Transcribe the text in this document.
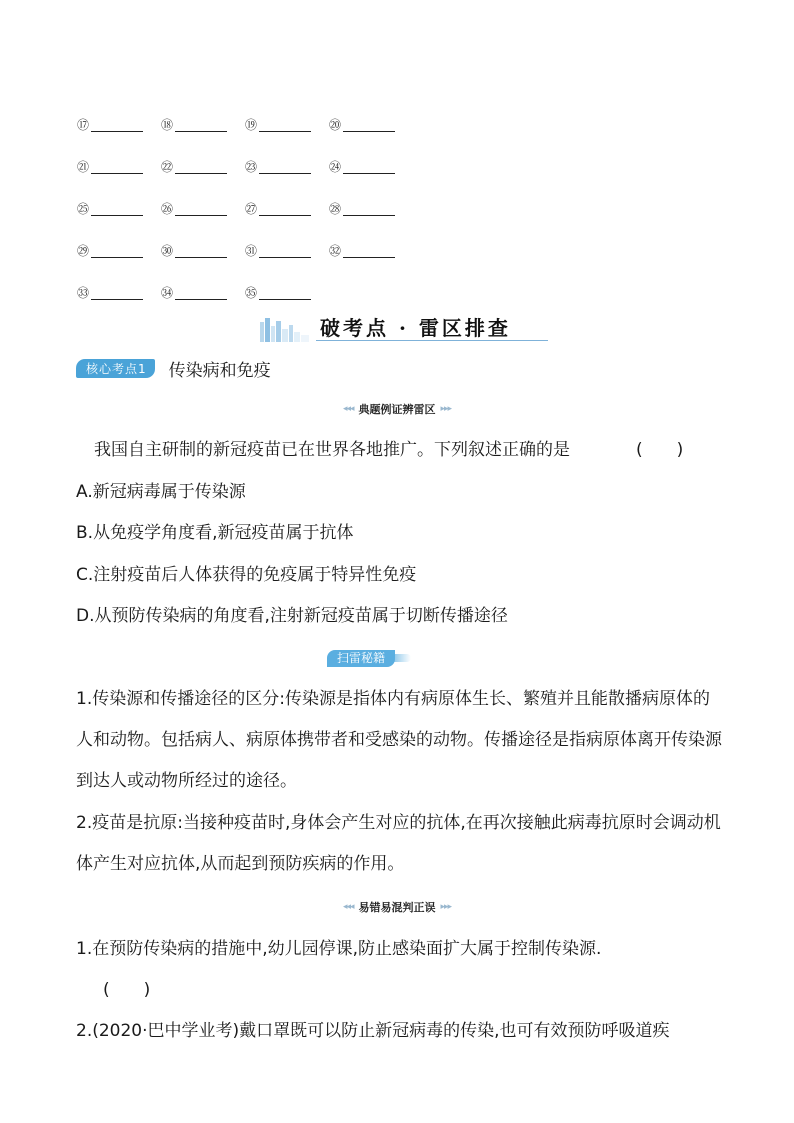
⑰	⑱	⑲	⑳
㉑	㉒	㉓	㉔
㉕	㉖	㉗	㉘
㉙	㉚	㉛	㉜
㉝	㉞	㉟
破考点 · 雷区排查
核心考点1	传染病和免疫
◂◂◂ 典题例证辨雷区 ▸▸▸
我国自主研制的新冠疫苗已在世界各地推广。下列叙述正确的是	(　　)
A.新冠病毒属于传染源
B.从免疫学角度看,新冠疫苗属于抗体
C.注射疫苗后人体获得的免疫属于特异性免疫
D.从预防传染病的角度看,注射新冠疫苗属于切断传播途径
扫雷秘籍
1.传染源和传播途径的区分:传染源是指体内有病原体生长、繁殖并且能散播病原体的人和动物。包括病人、病原体携带者和受感染的动物。传播途径是指病原体离开传染源到达人或动物所经过的途径。
2.疫苗是抗原:当接种疫苗时,身体会产生对应的抗体,在再次接触此病毒抗原时会调动机体产生对应抗体,从而起到预防疾病的作用。
◂◂◂ 易错易混判正误 ▸▸▸
1.在预防传染病的措施中,幼儿园停课,防止感染面扩大属于控制传染源.
(　　)
2.(2020·巴中学业考)戴口罩既可以防止新冠病毒的传染,也可有效预防呼吸道疾
